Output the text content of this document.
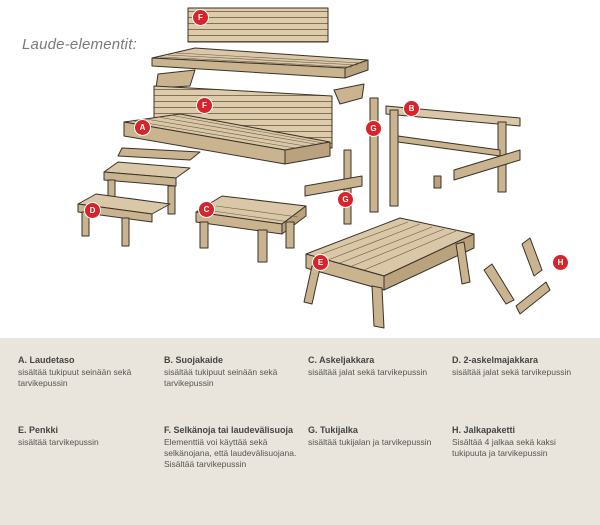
Laude-elementit:
F
F
A
B
G
G
C
D
E	H
A. Laudetaso
sisältää tukipuut seinään sekä tarvikepussin
B. Suojakaide
sisältää tukipuut seinään sekä tarvikepussin
C. Askeljakkara
sisältää jalat sekä tarvikepussin
D. 2-askelmajakkara
sisältää jalat sekä tarvikepussin
E. Penkki
sisältää tarvikepussin
F. Selkänoja tai laudevälisuoja
Elementtiä voi käyttää sekä selkänojana, että laudevälisuojana. Sisältää tarvikepussin
G. Tukijalka
sisältää tukijalan ja tarvikepussin
H. Jalkapaketti
Sisältää 4 jalkaa sekä kaksi tukipuuta ja tarvikepussin
